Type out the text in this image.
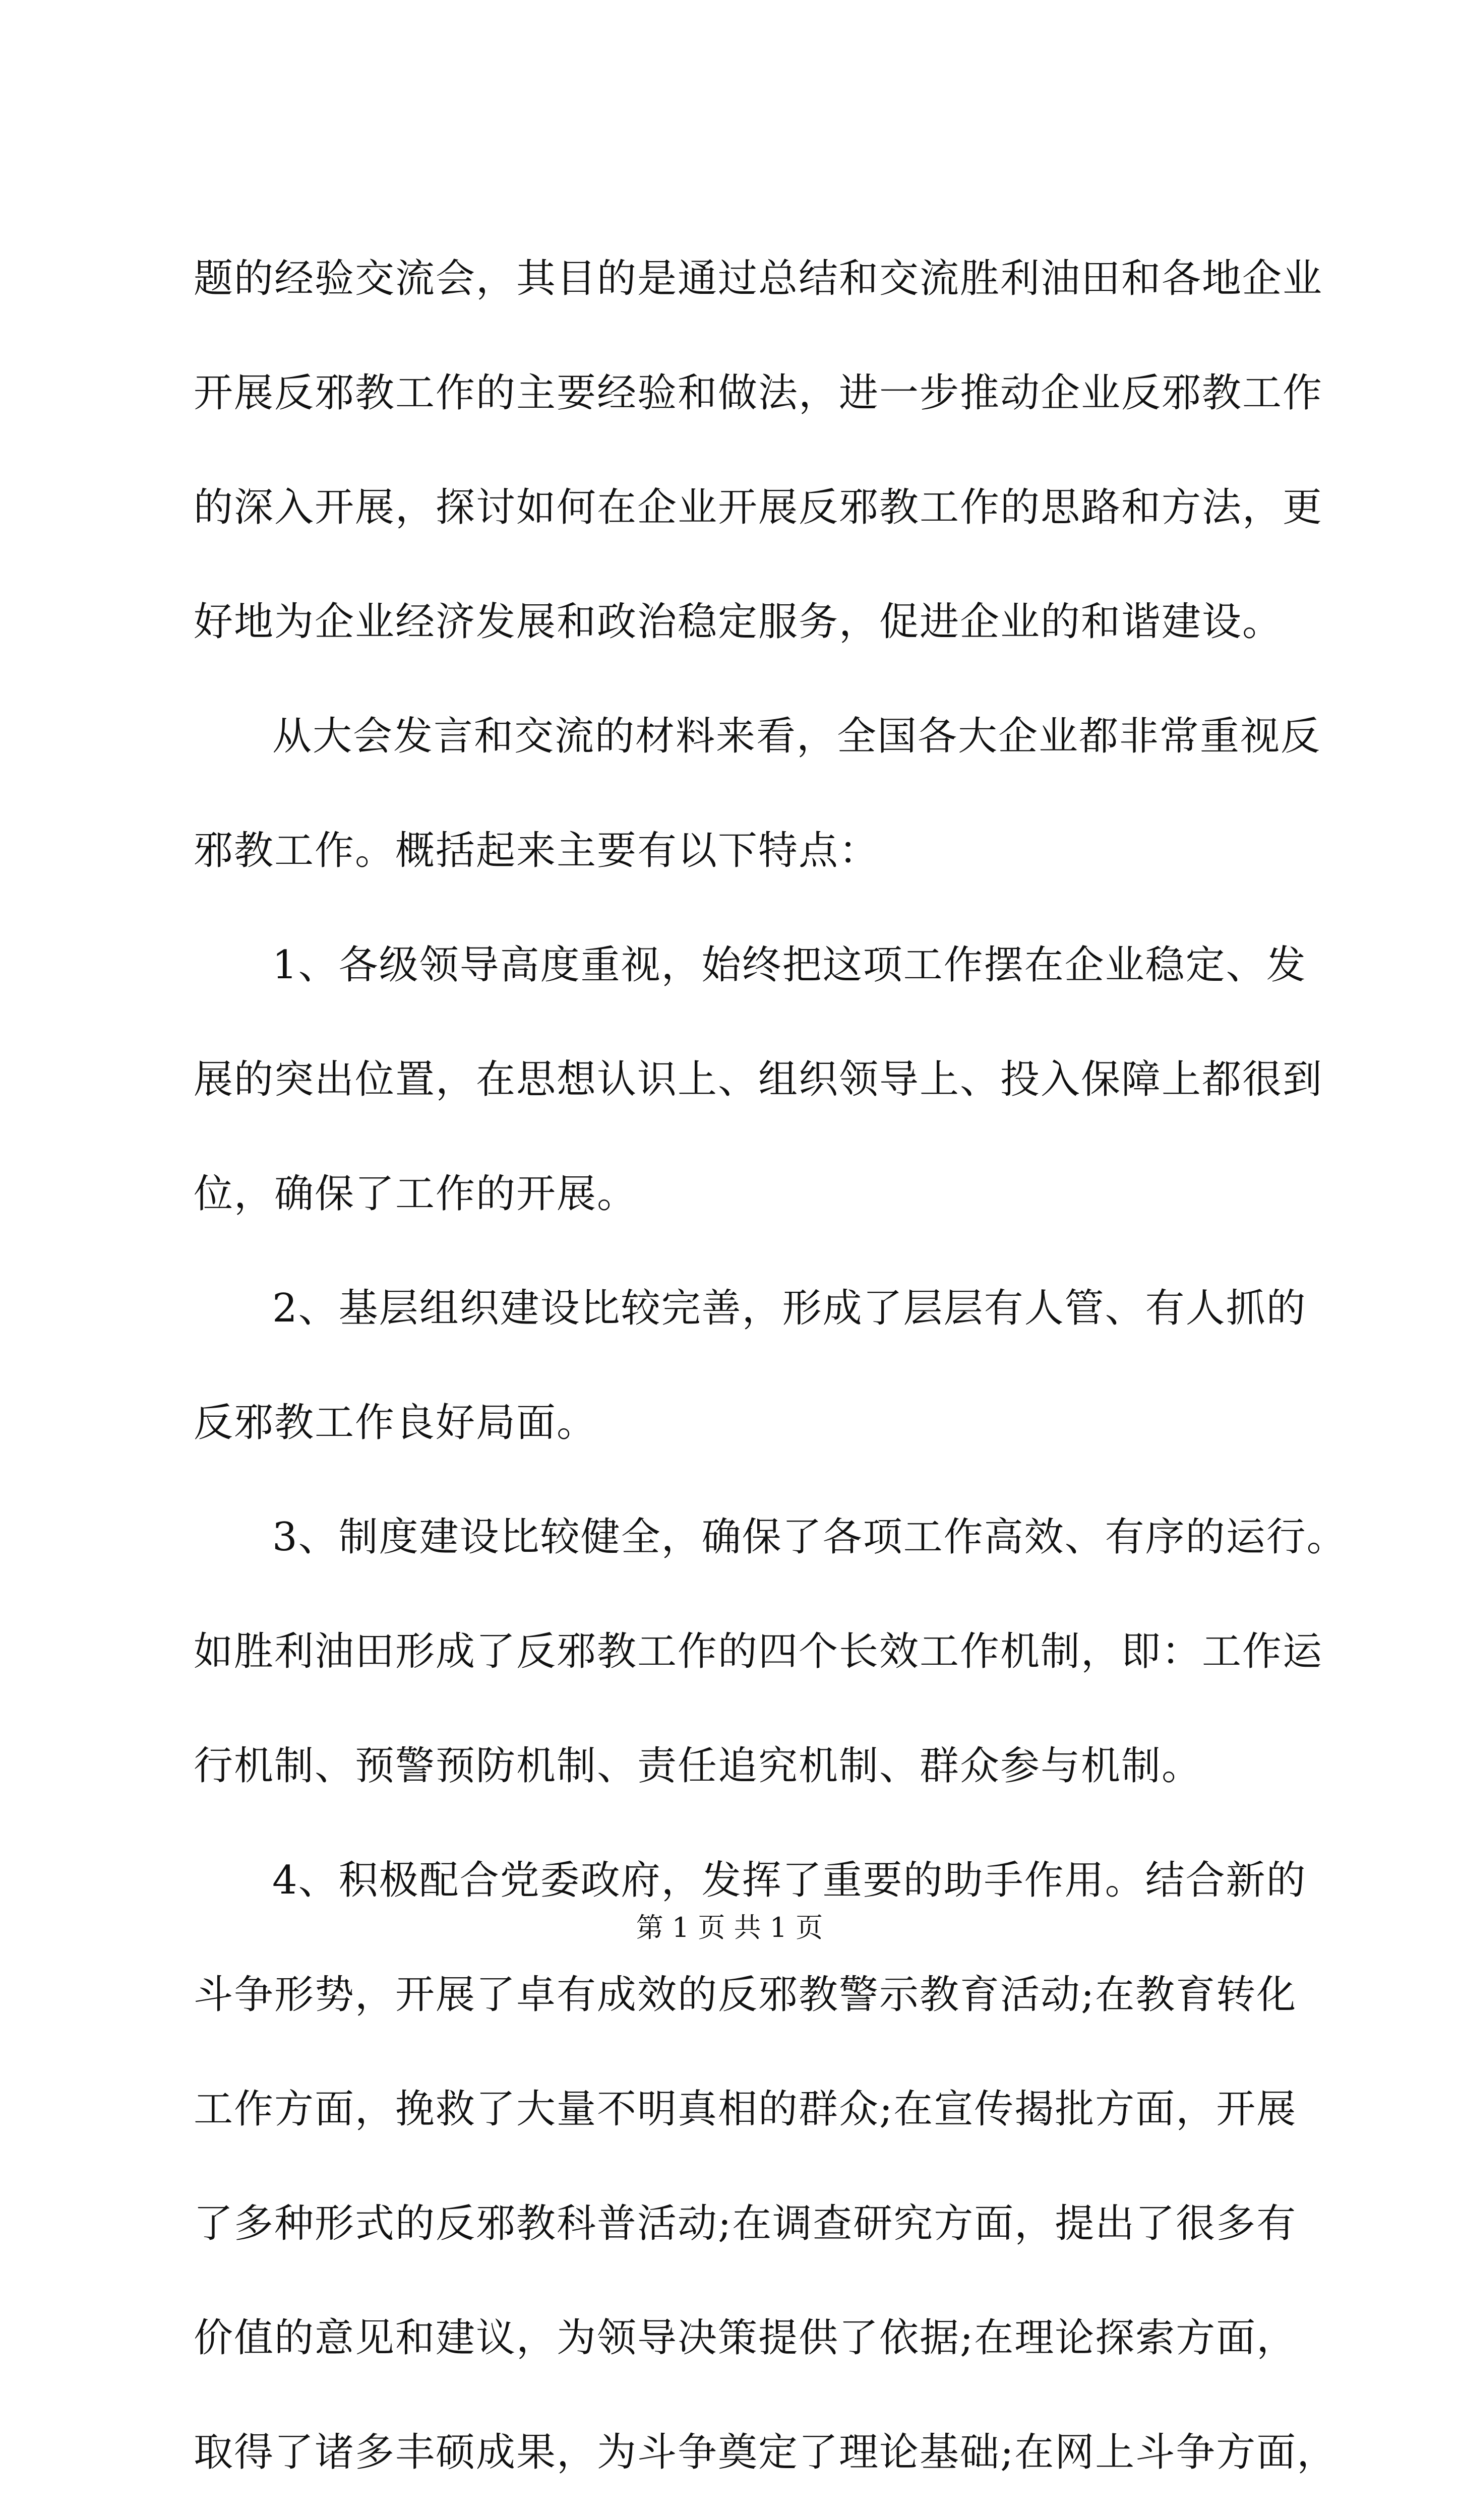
题的经验交流会，其目的是通过总结和交流胜利油田和各地企业
开展反邪教工作的主要经验和做法，进一步推动企业反邪教工作
的深入开展，探讨如何在企业开展反邪教工作的思路和方法，更
好地为企业经济发展和政治稳定服务，促进企业的和谐建设。
从大会发言和交流的材料来看，全国各大企业都非常重视反
邪教工作。概括起来主要有以下特点：
1、各级领导高度重视，始终把这项工作摆在企业稳定、发
展的突出位置，在思想认识上、组织领导上、投入保障上都很到
位，确保了工作的开展。
2、基层组织建设比较完善，形成了层层有人管、有人抓的
反邪教工作良好局面。
3、制度建设比较健全，确保了各项工作高效、有序的运行。
如胜利油田形成了反邪教工作的四个长效工作机制，即：工作运
行机制、预警预防机制、责任追究机制、群众参与机制。
4、积极配合党委政府，发挥了重要的助手作用。结合新的
斗争形势，开展了卓有成效的反邪教警示教育活动;在教育转化
工作方面，挽救了大量不明真相的群众;在宣传揭批方面，开展
了多种形式的反邪教科普活动;在调查研究方面，提出了很多有
价值的意见和建议，为领导决策提供了依据;在理论探索方面，
取得了诸多丰硕成果，为斗争奠定了理论基础;在网上斗争方面，
第 1 页 共 1 页
